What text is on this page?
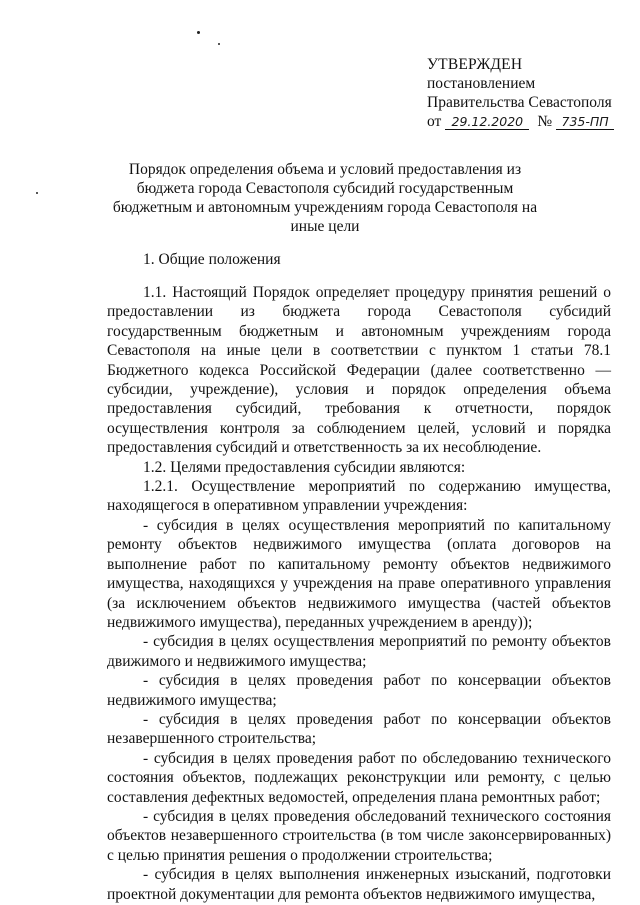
УТВЕРЖДЕН
постановлением
Правительства Севастополя
от 29.12.2020 № 735-ПП
Порядок определения объема и условий предоставления из бюджета города Севастополя субсидий государственным бюджетным и автономным учреждениям города Севастополя на иные цели
1. Общие положения

1.1. Настоящий Порядок определяет процедуру принятия решений о предоставлении из бюджета города Севастополя субсидий государственным бюджетным и автономным учреждениям города Севастополя на иные цели в соответствии с пунктом 1 статьи 78.1 Бюджетного кодекса Российской Федерации (далее соответственно — субсидии, учреждение), условия и порядок определения объема предоставления субсидий, требования к отчетности, порядок осуществления контроля за соблюдением целей, условий и порядка предоставления субсидий и ответственность за их несоблюдение.

1.2. Целями предоставления субсидии являются:

1.2.1. Осуществление мероприятий по содержанию имущества, находящегося в оперативном управлении учреждения:

- субсидия в целях осуществления мероприятий по капитальному ремонту объектов недвижимого имущества (оплата договоров на выполнение работ по капитальному ремонту объектов недвижимого имущества, находящихся у учреждения на праве оперативного управления (за исключением объектов недвижимого имущества (частей объектов недвижимого имущества), переданных учреждением в аренду));

- субсидия в целях осуществления мероприятий по ремонту объектов движимого и недвижимого имущества;

- субсидия в целях проведения работ по консервации объектов недвижимого имущества;

- субсидия в целях проведения работ по консервации объектов незавершенного строительства;

- субсидия в целях проведения работ по обследованию технического состояния объектов, подлежащих реконструкции или ремонту, с целью составления дефектных ведомостей, определения плана ремонтных работ;

- субсидия в целях проведения обследований технического состояния объектов незавершенного строительства (в том числе законсервированных) с целью принятия решения о продолжении строительства;

- субсидия в целях выполнения инженерных изысканий, подготовки проектной документации для ремонта объектов недвижимого имущества,
